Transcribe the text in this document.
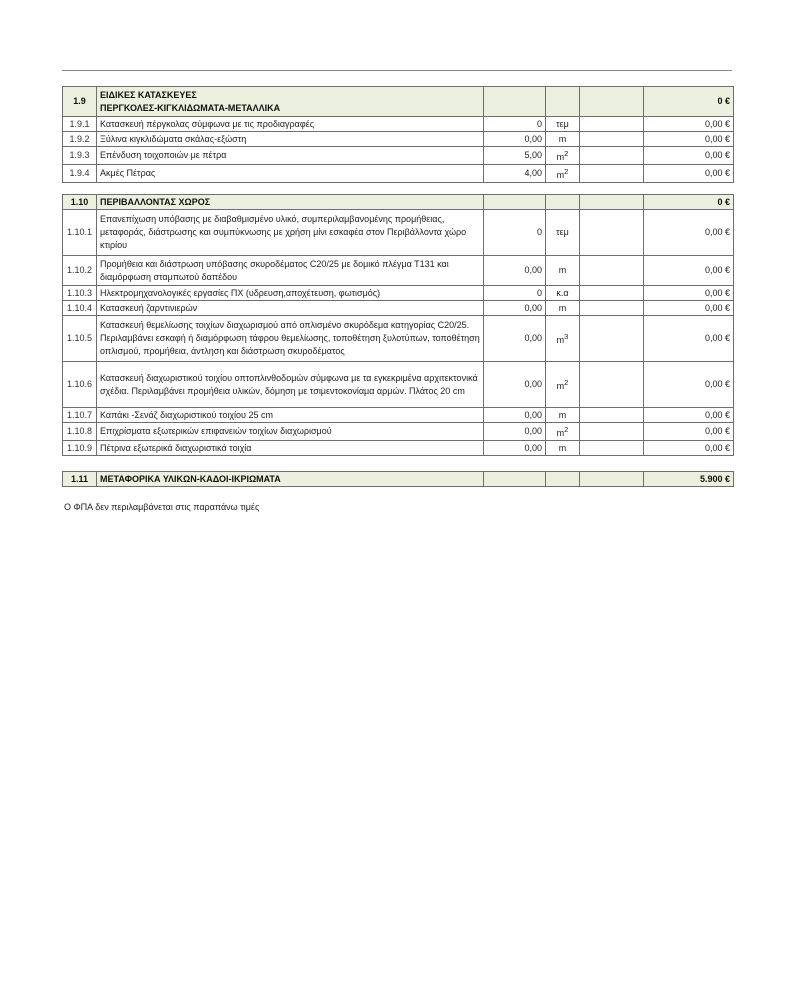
1.9	ΕΙΔΙΚΕΣ ΚΑΤΑΣΚΕΥΕΣ
ΠΕΡΓΚΟΛΕΣ-ΚΙΓΚΛΙΔΩΜΑΤΑ-ΜΕΤΑΛΛΙΚΑ				0 €
1.9.1	Κατασκευή πέργκολας σύμφωνα με τις προδιαγραφές	0	τεμ		0,00 €
1.9.2	Ξύλινα κιγκλιδώματα σκάλας-εξώστη	0,00	m		0,00 €
1.9.3	Επένδυση τοιχοποιών με πέτρα	5,00	$m^2$		0,00 €
1.9.4	Ακμές Πέτρας	4,00	$m^2$		0,00 €
1.10	ΠΕΡΙΒΑΛΛΟΝΤΑΣ ΧΩΡΟΣ				0 €
1.10.1	Επανεπίχωση υπόβασης με διαβαθμισμένο υλικό, συμπεριλαμβανομένης προμήθειας, μεταφοράς, διάστρωσης και συμπύκνωσης με χρήση μίνι εσκαφέα στον Περιβάλλοντα χώρο κτιρίου	0	τεμ		0,00 €
1.10.2	Προμήθεια και διάστρωση υπόβασης σκυροδέματος C20/25 με δομικό πλέγμα Τ131 και διαμόρφωση σταμπωτού δαπέδου	0,00	m		0,00 €
1.10.3	Ηλεκτρομηχανολογικές εργασίες ΠΧ (υδρευση,αποχέτευση, φωτισμός)	0	κ.α		0,00 €
1.10.4	Κατασκευή ζαρντινιερών	0,00	m		0,00 €
1.10.5	Κατασκευή θεμελίωσης τοιχίων διαχωρισμού από οπλισμένο σκυρόδεμα κατηγορίας C20/25. Περιλαμβάνει εσκαφή ή διαμόρφωση τάφρου θεμελίωσης, τοποθέτηση ξυλοτύπων, τοποθέτηση οπλισμού, προμήθεια, άντληση και διάστρωση σκυροδέματος	0,00	$m^3$		0,00 €
1.10.6	Κατασκευή διαχωριστικού τοιχίου οπτοπλινθοδομών σύμφωνα με τα εγκεκριμένα αρχιτεκτονικά σχέδια. Περιλαμβάνει προμήθεια υλικών, δόμηση με τσιμεντοκονίαμα αρμών. Πλάτος 20 cm	0,00	$m^2$		0,00 €
1.10.7	Καπάκι -Σενάζ διαχωριστικού τοιχίου 25 cm	0,00	m		0,00 €
1.10.8	Επιχρίσματα εξωτερικών επιφανειών τοιχίων διαχωρισμού	0,00	$m^2$		0,00 €
1.10.9	Πέτρινα εξωτερικά διαχωριστικά τοιχία	0,00	m		0,00 €
1.11	ΜΕΤΑΦΟΡΙΚΑ ΥΛΙΚΩΝ-ΚΑΔΟΙ-ΙΚΡΙΩΜΑΤΑ				5.900 €
Ο ΦΠΑ δεν περιλαμβάνεται στις παραπάνω τιμές
